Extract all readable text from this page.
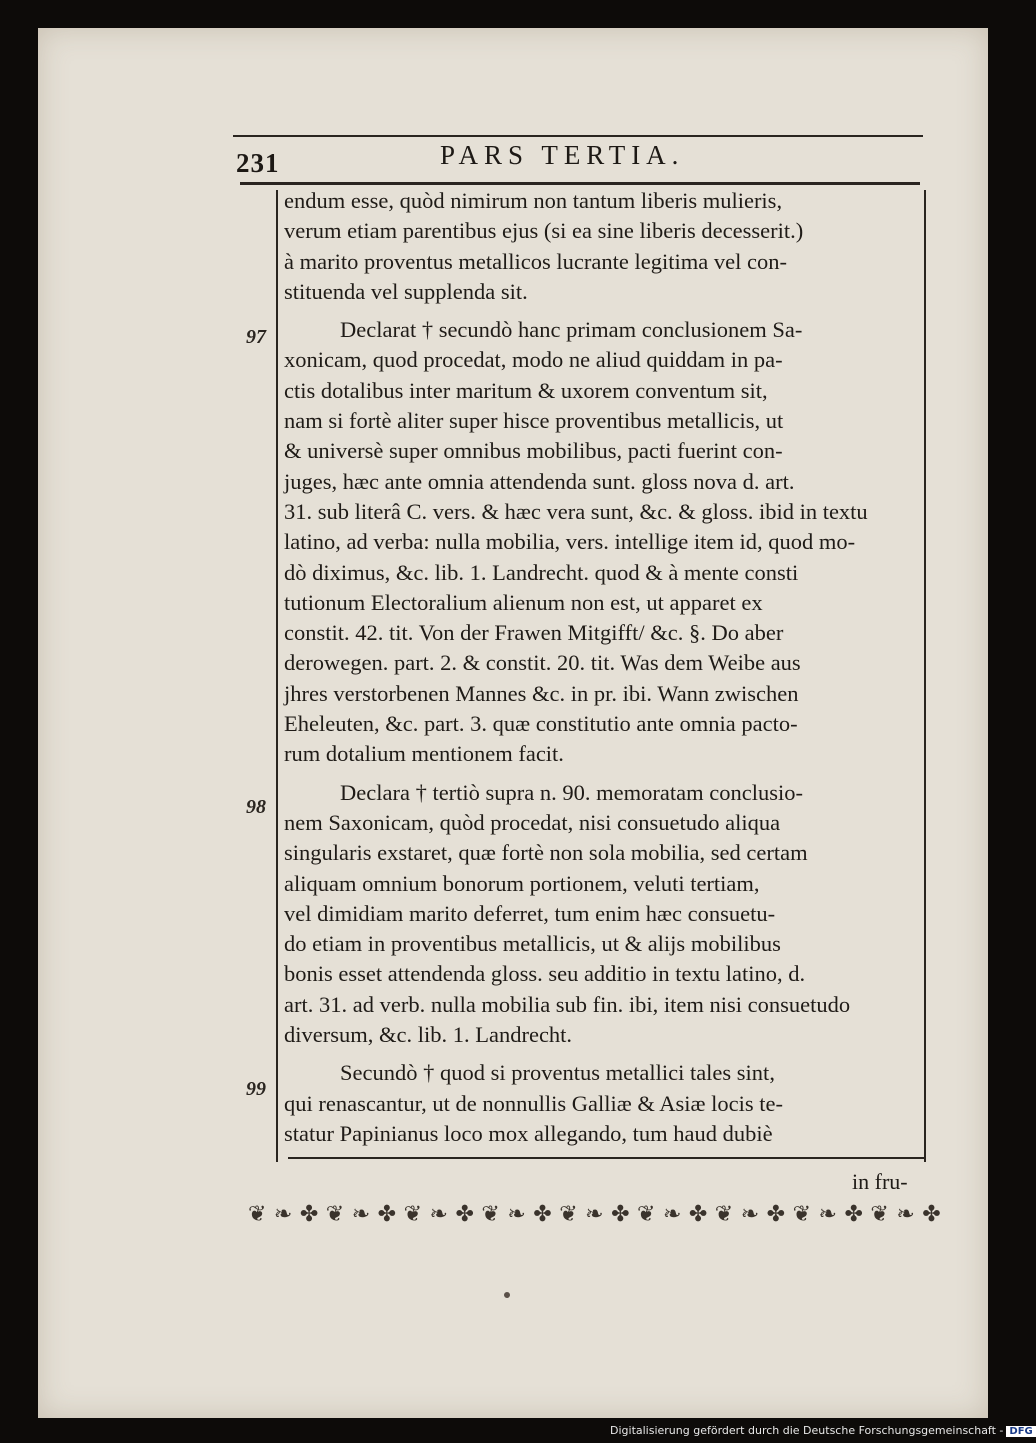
231	PARS TERTIA.
97
98
99

endum esse, quòd nimirum non tantum liberis mulieris,
verum etiam parentibus ejus (si ea sine liberis decesserit.)
à marito proventus metallicos lucrante legitima vel con-
stituenda vel supplenda sit.

Declarat † secundò hanc primam conclusionem Sa-
xonicam, quod procedat, modo ne aliud quiddam in pa-
ctis dotalibus inter maritum & uxorem conventum sit,
nam si fortè aliter super hisce proventibus metallicis, ut
& universè super omnibus mobilibus, pacti fuerint con-
juges, hæc ante omnia attendenda sunt. gloss nova d. art.
31. sub literâ C. vers. & hæc vera sunt, &c. & gloss. ibid in textu
latino, ad verba: nulla mobilia, vers. intellige item id, quod mo-
dò diximus, &c. lib. 1. Landrecht. quod & à mente consti
tutionum Electoralium alienum non est, ut apparet ex
constit. 42. tit. Von der Frawen Mitgifft/ &c. §. Do aber
derowegen. part. 2. & constit. 20. tit. Was dem Weibe aus
jhres verstorbenen Mannes &c. in pr. ibi. Wann zwischen
Eheleuten, &c. part. 3. quæ constitutio ante omnia pacto-
rum dotalium mentionem facit.

Declara † tertiò supra n. 90. memoratam conclusio-
nem Saxonicam, quòd procedat, nisi consuetudo aliqua
singularis exstaret, quæ fortè non sola mobilia, sed certam
aliquam omnium bonorum portionem, veluti tertiam,
vel dimidiam marito deferret, tum enim hæc consuetu-
do etiam in proventibus metallicis, ut & alijs mobilibus
bonis esset attendenda gloss. seu additio in textu latino, d.
art. 31. ad verb. nulla mobilia sub fin. ibi, item nisi consuetudo
diversum, &c. lib. 1. Landrecht.

Secundò † quod si proventus metallici tales sint,
qui renascantur, ut de nonnullis Galliæ & Asiæ locis te-
statur Papinianus loco mox allegando, tum haud dubiè

in fru-
❦ ❧ ✤ ❦ ❧ ✤ ❦ ❧ ✤ ❦ ❧ ✤ ❦ ❧ ✤ ❦ ❧ ✤ ❦ ❧ ✤ ❦ ❧ ✤ ❦ ❧ ✤
Digitalisierung gefördert durch die Deutsche Forschungsgemeinschaft - DFG
